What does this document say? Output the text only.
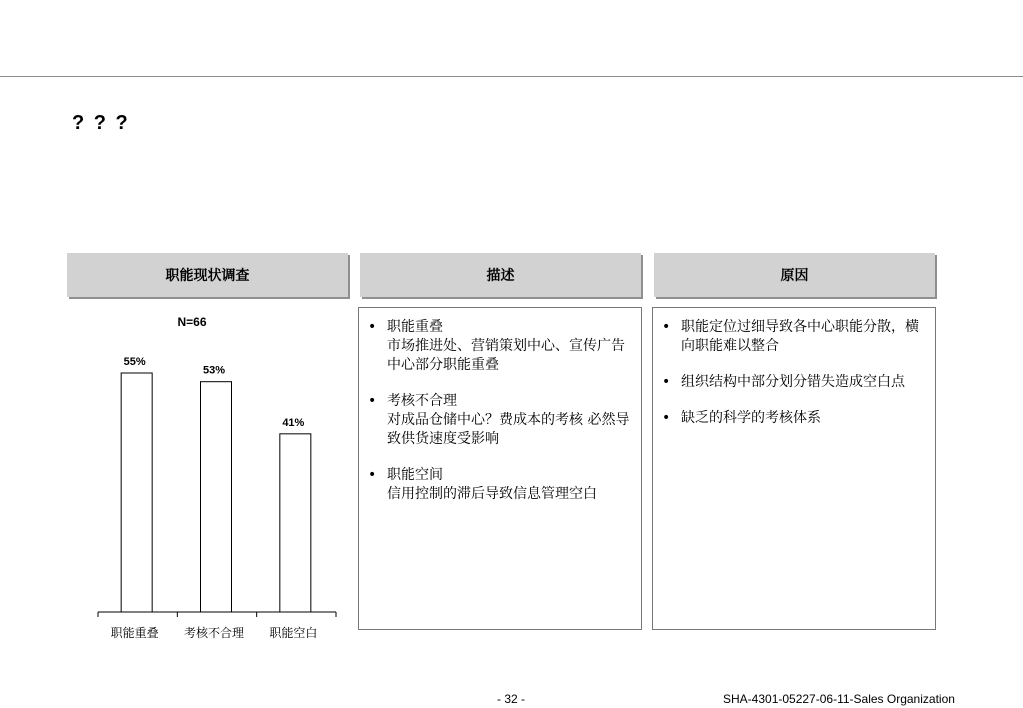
? ? ?
职能现状调查	描述	原因
N=66
55%
职能重叠
53%
考核不合理
41%
职能空白
• 职能重叠
市场推进处、营销策划中心、宣传广告中心部分职能重叠
• 考核不合理
对成品仓储中心？费成本的考核 必然导致供货速度受影响
• 职能空间
信用控制的滞后导致信息管理空白
• 职能定位过细导致各中心职能分散，横向职能难以整合
• 组织结构中部分划分错失造成空白点
• 缺乏的科学的考核体系
- 32 -	SHA-4301-05227-06-11-Sales Organization
